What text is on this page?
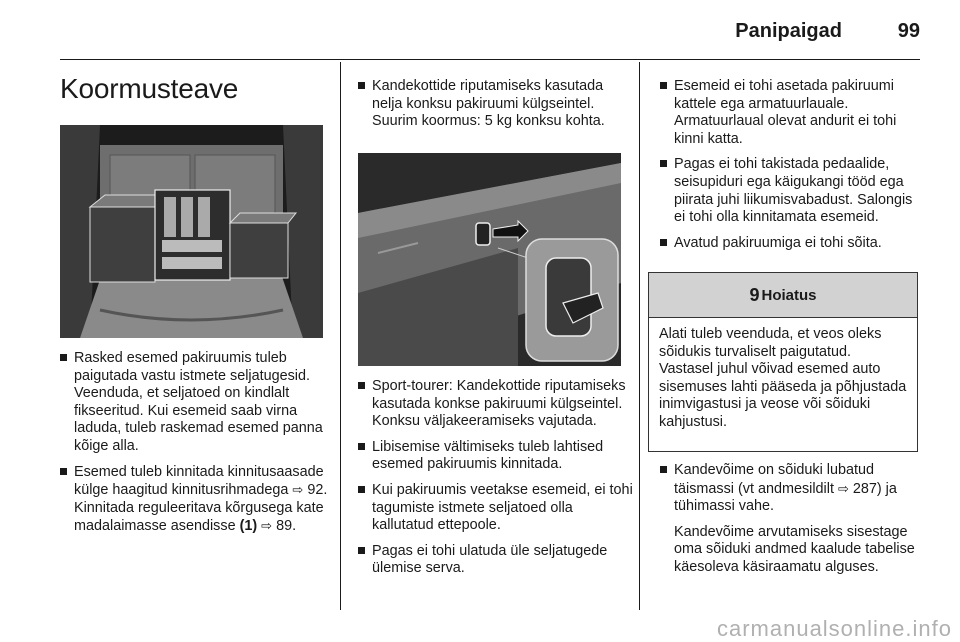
Panipaigad	99
Koormusteave

Rasked esemed pakiruumis tuleb paigutada vastu istmete seljatugesid. Veenduda, et seljatoed on kindlalt fikseeritud. Kui esemeid saab virna laduda, tuleb raskemad esemed panna kõige alla.

Esemed tuleb kinnitada kinnitusaasade külge haagitud kinnitusrihmadega ⇨ 92. Kinnitada reguleeritava kõrgusega kate madalaimasse asendisse (1) ⇨ 89.

Kandekottide riputamiseks kasutada nelja konksu pakiruumi külgseintel. Suurim koormus: 5 kg konksu kohta.

Sport-tourer: Kandekottide riputamiseks kasutada konkse pakiruumi külgseintel. Konksu väljakeeramiseks vajutada.

Libisemise vältimiseks tuleb lahtised esemed pakiruumis kinnitada.

Kui pakiruumis veetakse esemeid, ei tohi tagumiste istmete seljatoed olla kallutatud ettepoole.

Pagas ei tohi ulatuda üle seljatugede ülemise serva.

Esemeid ei tohi asetada pakiruumi kattele ega armatuurlauale. Armatuurlaual olevat andurit ei tohi kinni katta.

Pagas ei tohi takistada pedaalide, seisupiduri ega käigukangi tööd ega piirata juhi liikumisvabadust. Salongis ei tohi olla kinnitamata esemeid.

Avatud pakiruumiga ei tohi sõita.

9 Hoiatus
Alati tuleb veenduda, et veos oleks sõidukis turvaliselt paigutatud. Vastasel juhul võivad esemed auto sisemuses lahti pääseda ja põhjustada inimvigastusi ja veose või sõiduki kahjustusi.

Kandevõime on sõiduki lubatud täismassi (vt andmesildilt ⇨ 287) ja tühimassi vahe.

Kandevõime arvutamiseks sisestage oma sõiduki andmed kaalude tabelise käesoleva käsiraamatu alguses.

carmanualsonline.info
